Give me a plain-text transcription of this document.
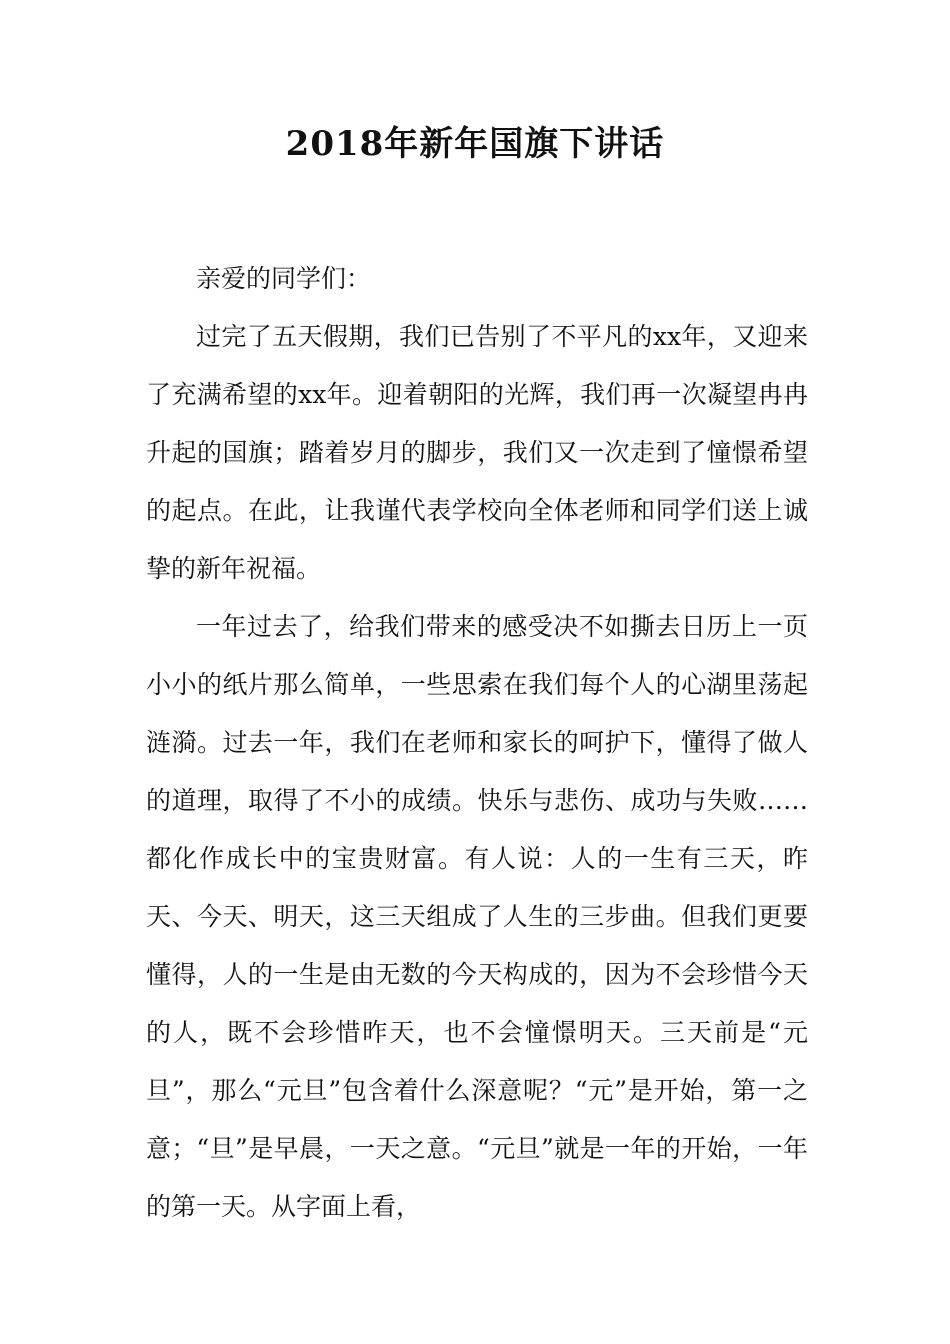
2018年新年国旗下讲话

亲爱的同学们：

过完了五天假期，我们已告别了不平凡的xx年，又迎来了充满希望的xx年。迎着朝阳的光辉，我们再一次凝望冉冉升起的国旗；踏着岁月的脚步，我们又一次走到了憧憬希望的起点。在此，让我谨代表学校向全体老师和同学们送上诚挚的新年祝福。

一年过去了，给我们带来的感受决不如撕去日历上一页小小的纸片那么简单，一些思索在我们每个人的心湖里荡起涟漪。过去一年，我们在老师和家长的呵护下，懂得了做人的道理，取得了不小的成绩。快乐与悲伤、成功与失败……都化作成长中的宝贵财富。有人说：人的一生有三天，昨天、今天、明天，这三天组成了人生的三步曲。但我们更要懂得，人的一生是由无数的今天构成的，因为不会珍惜今天的人，既不会珍惜昨天，也不会憧憬明天。三天前是“元旦”，那么“元旦”包含着什么深意呢？“元”是开始，第一之意；“旦”是早晨，一天之意。“元旦”就是一年的开始，一年的第一天。从字面上看，
